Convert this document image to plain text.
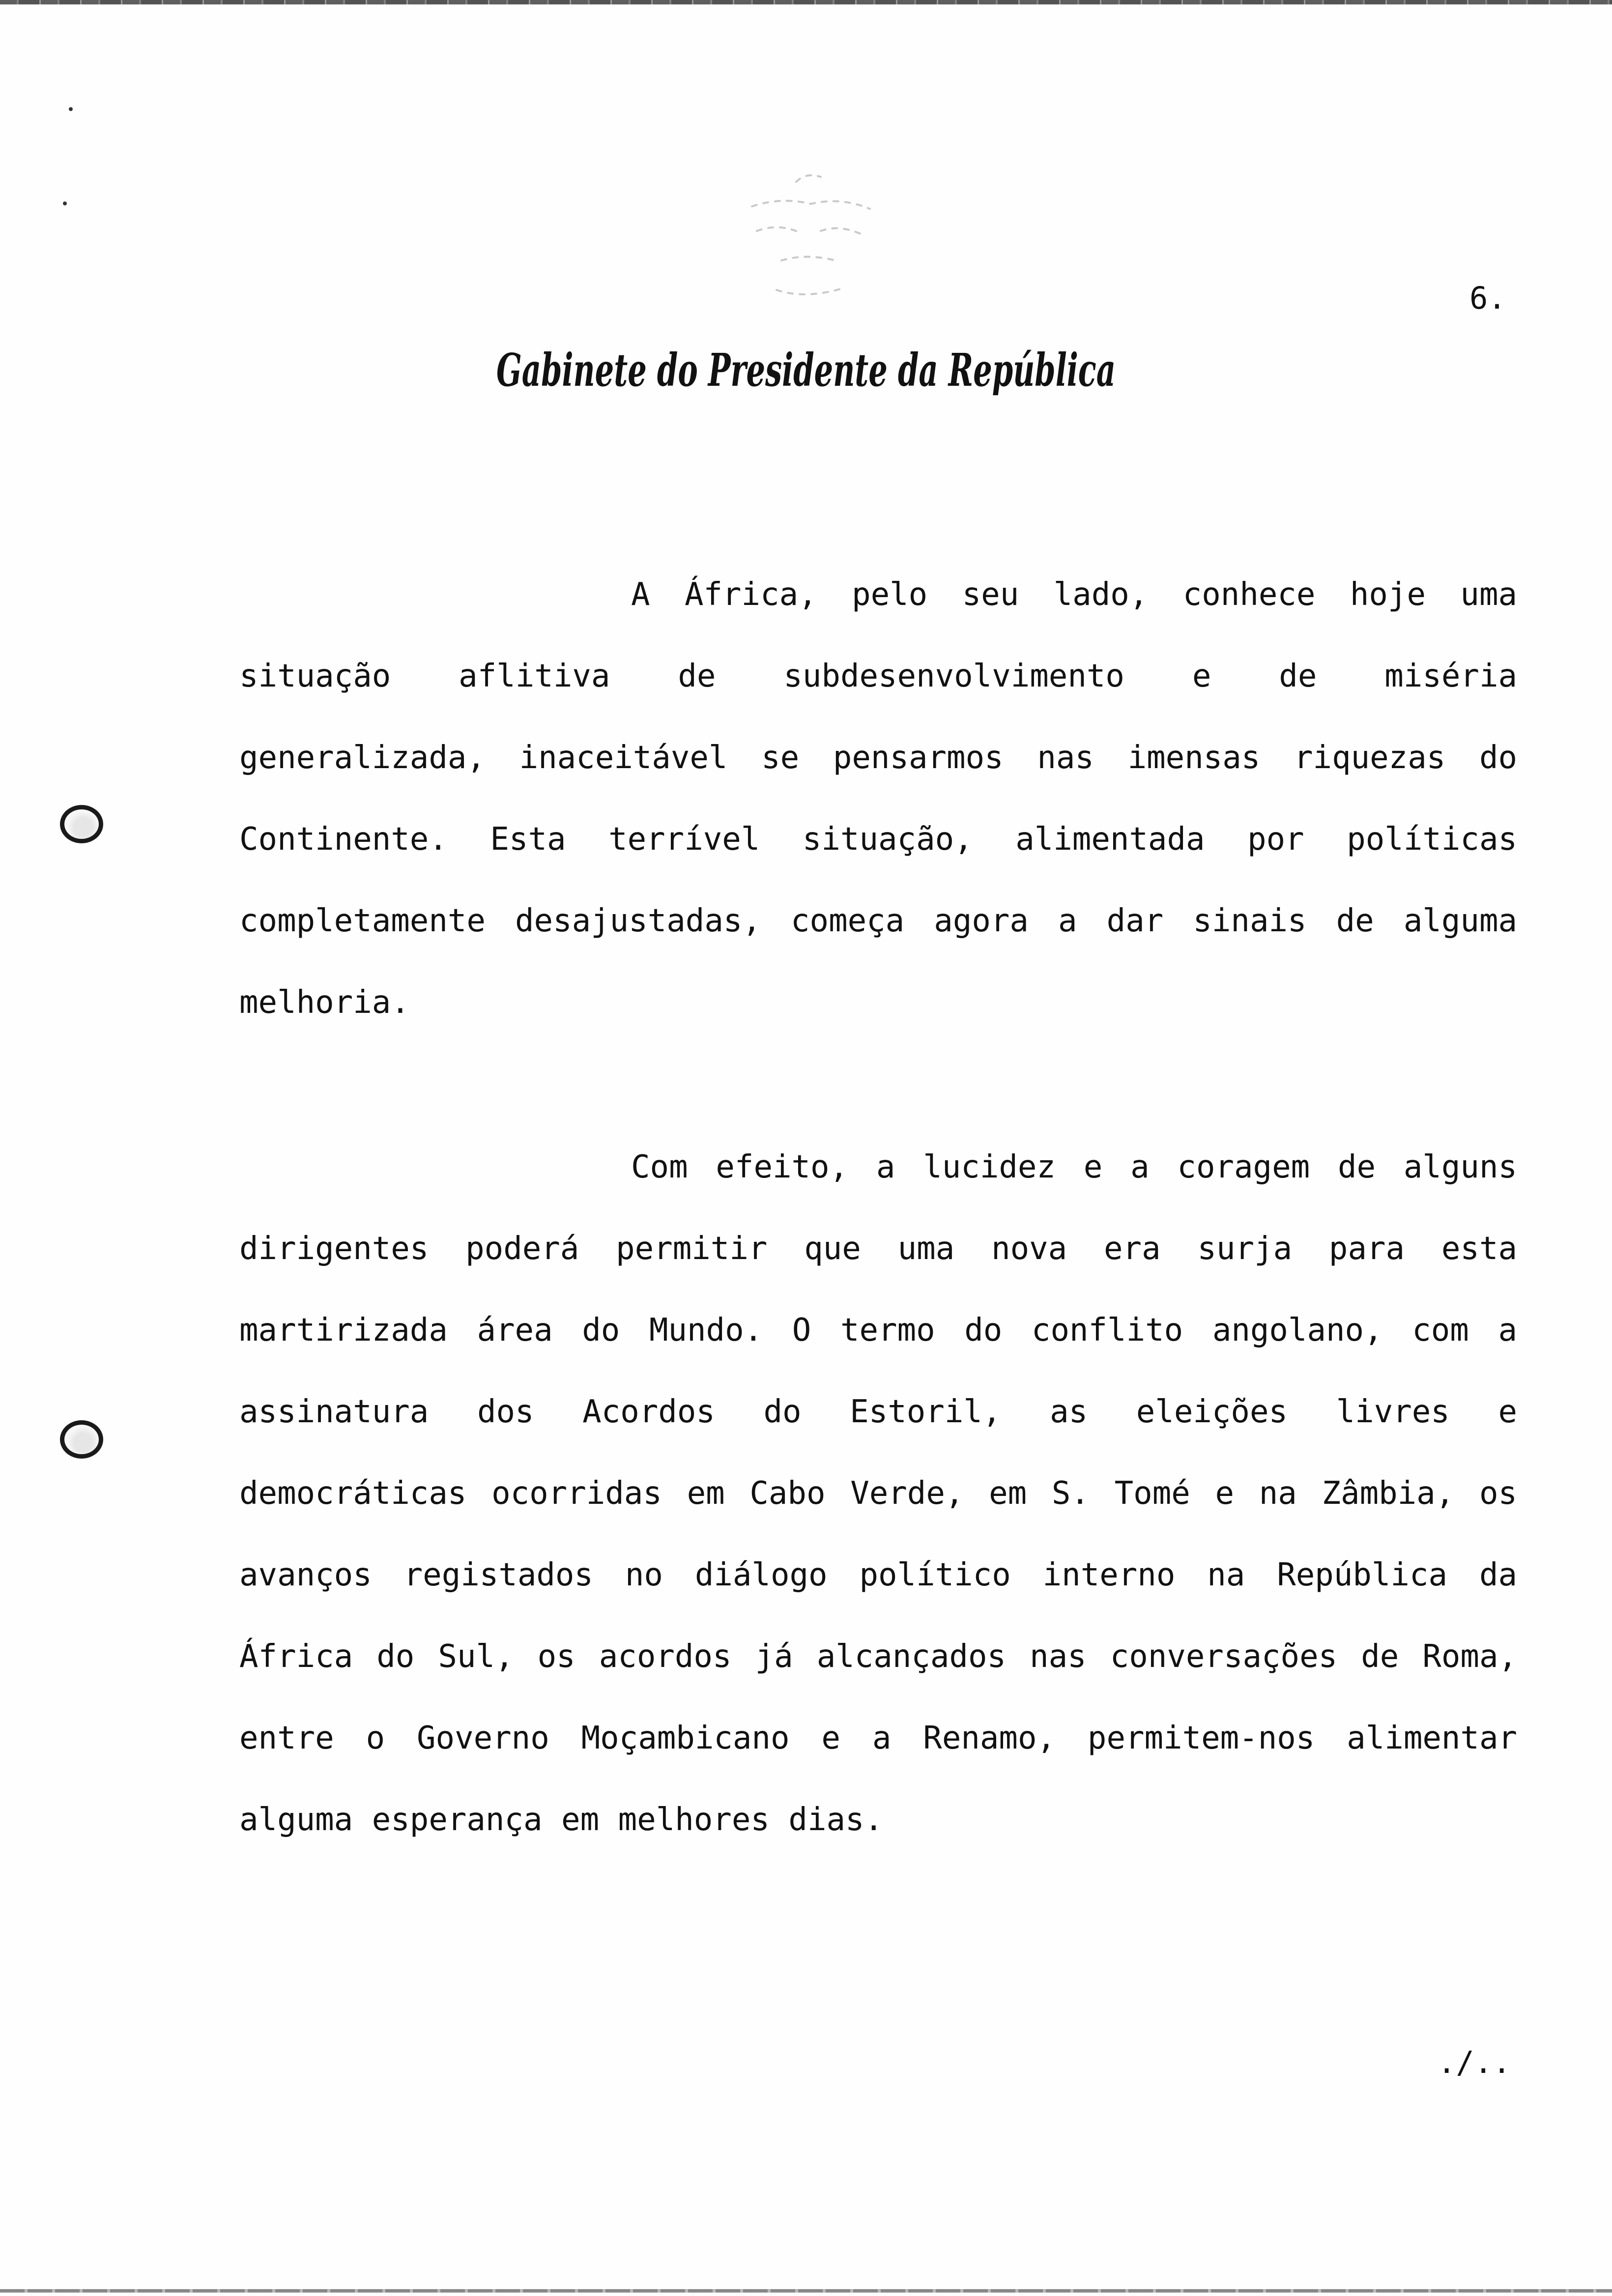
6.
Gabinete do Presidente da República
A África, pelo seu lado, conhece hoje uma
situação aflitiva de subdesenvolvimento e de miséria
generalizada, inaceitável se pensarmos nas imensas riquezas do
Continente. Esta terrível situação, alimentada por políticas
completamente desajustadas, começa agora a dar sinais de alguma
melhoria.
Com efeito, a lucidez e a coragem de alguns
dirigentes poderá permitir que uma nova era surja para esta
martirizada área do Mundo. O termo do conflito angolano, com a
assinatura dos Acordos do Estoril, as eleições livres e
democráticas ocorridas em Cabo Verde, em S. Tomé e na Zâmbia, os
avanços registados no diálogo político interno na República da
África do Sul, os acordos já alcançados nas conversações de Roma,
entre o Governo Moçambicano e a Renamo, permitem-nos alimentar
alguma esperança em melhores dias.
./..
